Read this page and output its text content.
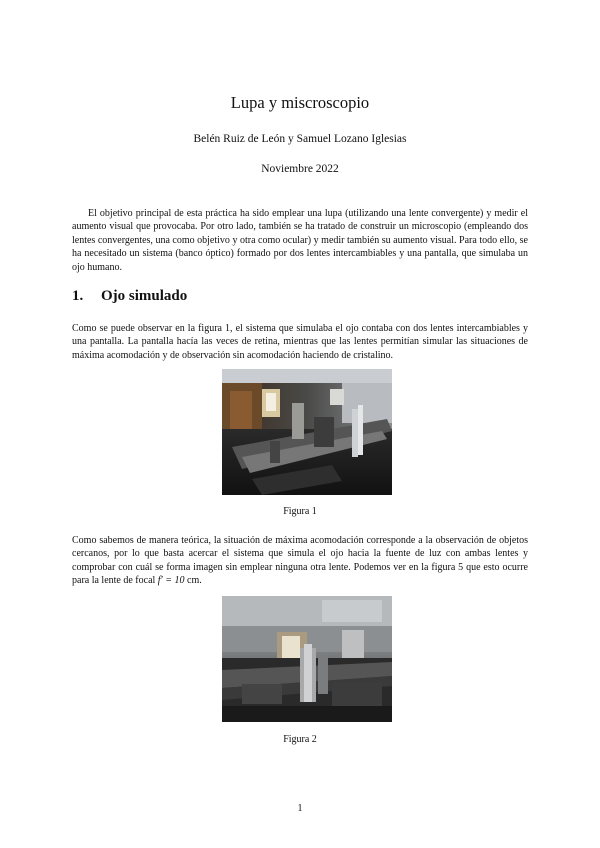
Lupa y miscroscopio
Belén Ruiz de León y Samuel Lozano Iglesias
Noviembre 2022

El objetivo principal de esta práctica ha sido emplear una lupa (utilizando una lente convergente) y medir el aumento visual que provocaba. Por otro lado, también se ha tratado de construir un microscopio (empleando dos lentes convergentes, una como objetivo y otra como ocular) y medir también su aumento visual. Para todo ello, se ha necesitado un sistema (banco óptico) formado por dos lentes intercambiables y una pantalla, que simulaba un ojo humano.

1. Ojo simulado

Como se puede observar en la figura 1, el sistema que simulaba el ojo contaba con dos lentes intercambiables y una pantalla. La pantalla hacía las veces de retina, mientras que las lentes permitían simular las situaciones de máxima acomodación y de observación sin acomodación haciendo de cristalino.

Figura 1

Como sabemos de manera teórica, la situación de máxima acomodación corresponde a la observación de objetos cercanos, por lo que basta acercar el sistema que simula el ojo hacia la fuente de luz con ambas lentes y comprobar con cuál se forma imagen sin emplear ninguna otra lente. Podemos ver en la figura 5 que esto ocurre para la lente de focal f′ = 10 cm.

Figura 2
1
